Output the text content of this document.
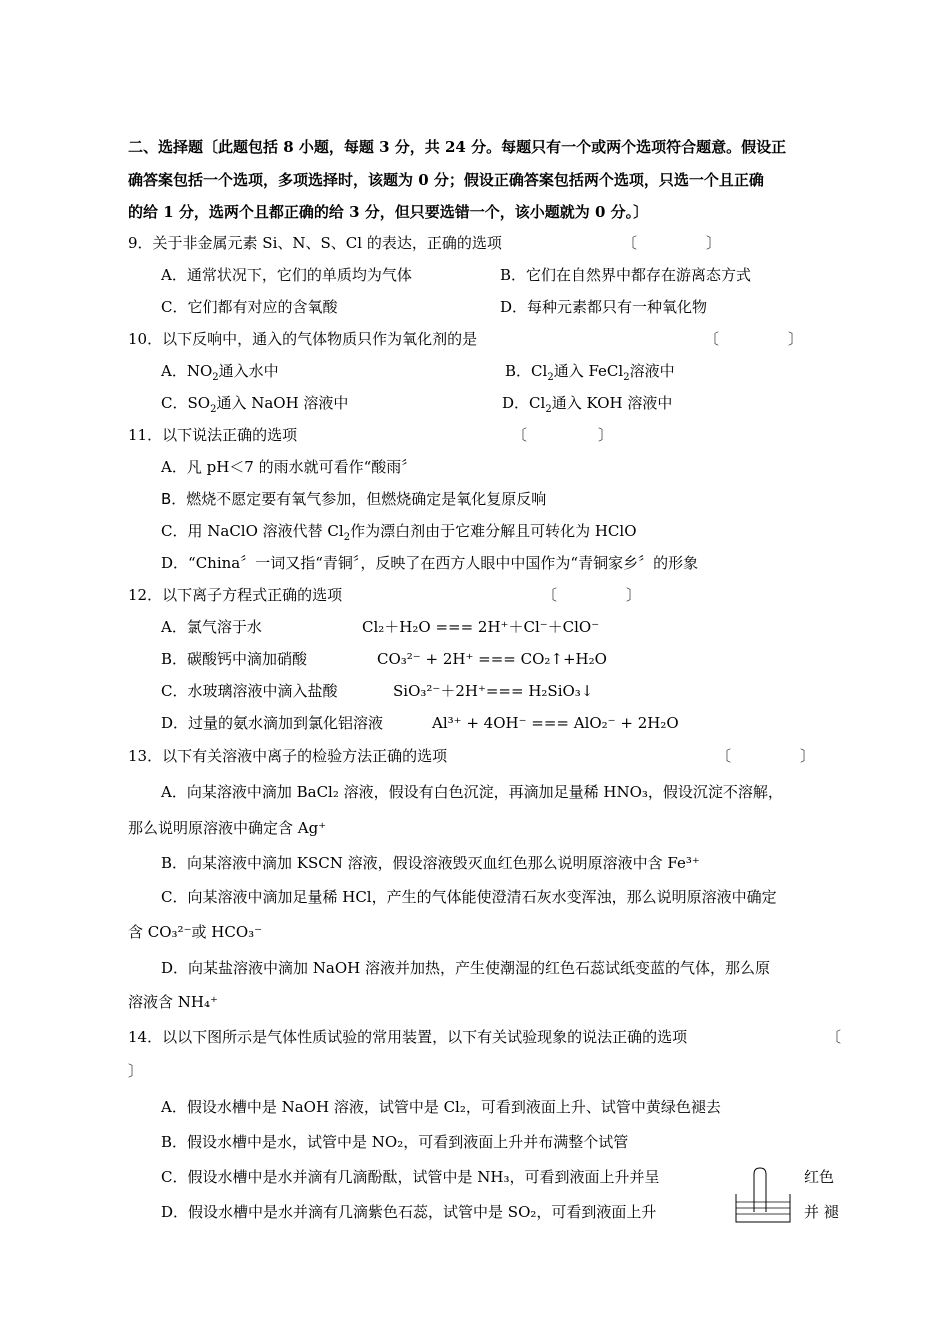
二、选择题〔此题包括 8 小题，每题 3 分，共 24 分。每题只有一个或两个选项符合题意。假设正
确答案包括一个选项，多项选择时，该题为 0 分；假设正确答案包括两个选项，只选一个且正确
的给 1 分，选两个且都正确的给 3 分，但只要选错一个，该小题就为 0 分。〕
9．关于非金属元素 Si、N、S、Cl 的表达，正确的选项	〔	〕
A．通常状况下，它们的单质均为气体	B．它们在自然界中都存在游离态方式
C．它们都有对应的含氧酸	D．每种元素都只有一种氧化物
10．以下反响中，通入的气体物质只作为氧化剂的是	〔	〕
A．$NO_2$通入水中	B．$Cl_2$通入 FeCl$_2$溶液中
C．$SO_2$通入 NaOH 溶液中	D．$Cl_2$通入 KOH 溶液中
11．以下说法正确的选项	〔	〕
A．凡 pH＜7 的雨水就可看作“酸雨〞
B．燃烧不愿定要有氧气参加，但燃烧确定是氧化复原反响
C．用 NaClO 溶液代替 $Cl_2$作为漂白剂由于它难分解且可转化为 HClO
D．“China〞一词又指“青铜〞，反映了在西方人眼中中国作为“青铜家乡〞的形象
12．以下离子方程式正确的选项	〔	〕
A．氯气溶于水	Cl₂＋H₂O === 2H⁺＋Cl⁻＋ClO⁻
B．碳酸钙中滴加硝酸	CO₃²⁻ + 2H⁺ === CO₂↑+H₂O
C．水玻璃溶液中滴入盐酸	SiO₃²⁻＋2H⁺=== H₂SiO₃↓
D．过量的氨水滴加到氯化铝溶液	Al³⁺ + 4OH⁻ === AlO₂⁻ + 2H₂O
13．以下有关溶液中离子的检验方法正确的选项	〔	〕
A．向某溶液中滴加 BaCl₂ 溶液，假设有白色沉淀，再滴加足量稀 HNO₃，假设沉淀不溶解，
那么说明原溶液中确定含 Ag⁺
B．向某溶液中滴加 KSCN 溶液，假设溶液毁灭血红色那么说明原溶液中含 Fe³⁺
C．向某溶液中滴加足量稀 HCl，产生的气体能使澄清石灰水变浑浊，那么说明原溶液中确定
含 CO₃²⁻或 HCO₃⁻
D．向某盐溶液中滴加 NaOH 溶液并加热，产生使潮湿的红色石蕊试纸变蓝的气体，那么原
溶液含 NH₄⁺
14．以以下图所示是气体性质试验的常用装置，以下有关试验现象的说法正确的选项	〔
〕
A．假设水槽中是 NaOH 溶液，试管中是 Cl₂，可看到液面上升、试管中黄绿色褪去
B．假设水槽中是水，试管中是 NO₂，可看到液面上升并布满整个试管
C．假设水槽中是水并滴有几滴酚酞，试管中是 NH₃，可看到液面上升并呈	红色
D．假设水槽中是水并滴有几滴紫色石蕊，试管中是 SO₂，可看到液面上升	并 褪
